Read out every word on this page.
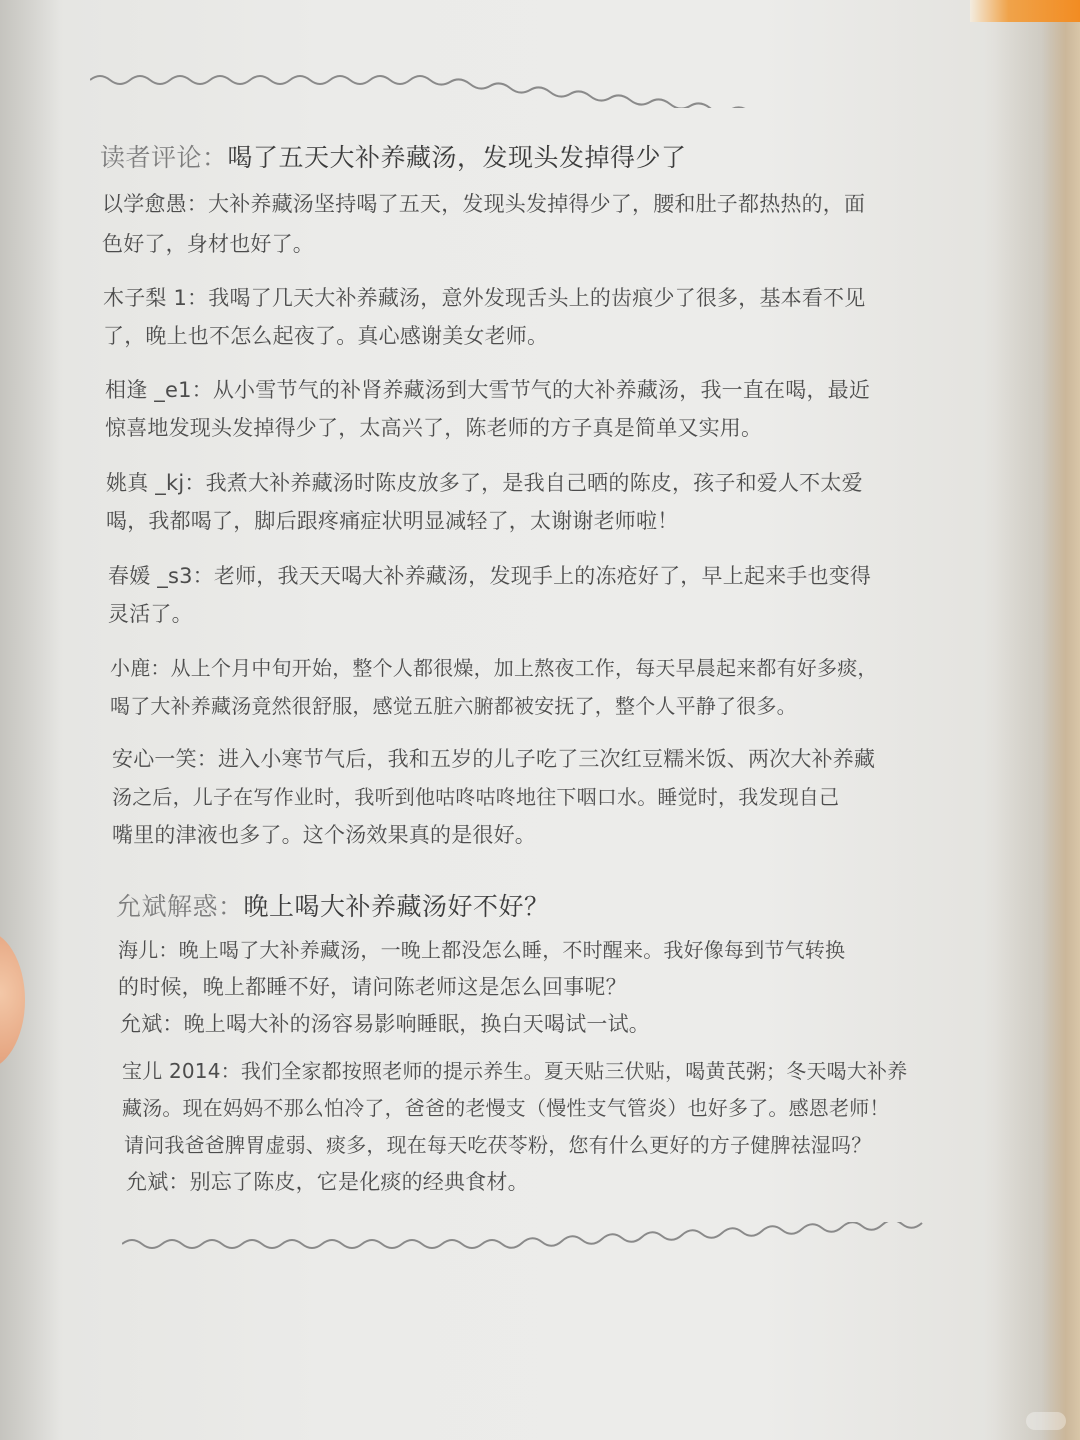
读者评论：喝了五天大补养藏汤，发现头发掉得少了
以学愈愚：大补养藏汤坚持喝了五天，发现头发掉得少了，腰和肚子都热热的，面
色好了，身材也好了。
木子梨 1：我喝了几天大补养藏汤，意外发现舌头上的齿痕少了很多，基本看不见
了，晚上也不怎么起夜了。真心感谢美女老师。
相逢 _e1：从小雪节气的补肾养藏汤到大雪节气的大补养藏汤，我一直在喝，最近
惊喜地发现头发掉得少了，太高兴了，陈老师的方子真是简单又实用。
姚真 _kj：我煮大补养藏汤时陈皮放多了，是我自己晒的陈皮，孩子和爱人不太爱
喝，我都喝了，脚后跟疼痛症状明显减轻了，太谢谢老师啦！
春媛 _s3：老师，我天天喝大补养藏汤，发现手上的冻疮好了，早上起来手也变得
灵活了。
小鹿：从上个月中旬开始，整个人都很燥，加上熬夜工作，每天早晨起来都有好多痰，
喝了大补养藏汤竟然很舒服，感觉五脏六腑都被安抚了，整个人平静了很多。
安心一笑：进入小寒节气后，我和五岁的儿子吃了三次红豆糯米饭、两次大补养藏
汤之后，儿子在写作业时，我听到他咕咚咕咚地往下咽口水。睡觉时，我发现自己
嘴里的津液也多了。这个汤效果真的是很好。
允斌解惑：晚上喝大补养藏汤好不好？
海儿：晚上喝了大补养藏汤，一晚上都没怎么睡，不时醒来。我好像每到节气转换
的时候，晚上都睡不好，请问陈老师这是怎么回事呢？
允斌：晚上喝大补的汤容易影响睡眠，换白天喝试一试。
宝儿 2014：我们全家都按照老师的提示养生。夏天贴三伏贴，喝黄芪粥；冬天喝大补养
藏汤。现在妈妈不那么怕冷了，爸爸的老慢支（慢性支气管炎）也好多了。感恩老师！
请问我爸爸脾胃虚弱、痰多，现在每天吃茯苓粉，您有什么更好的方子健脾祛湿吗？
允斌：别忘了陈皮，它是化痰的经典食材。
